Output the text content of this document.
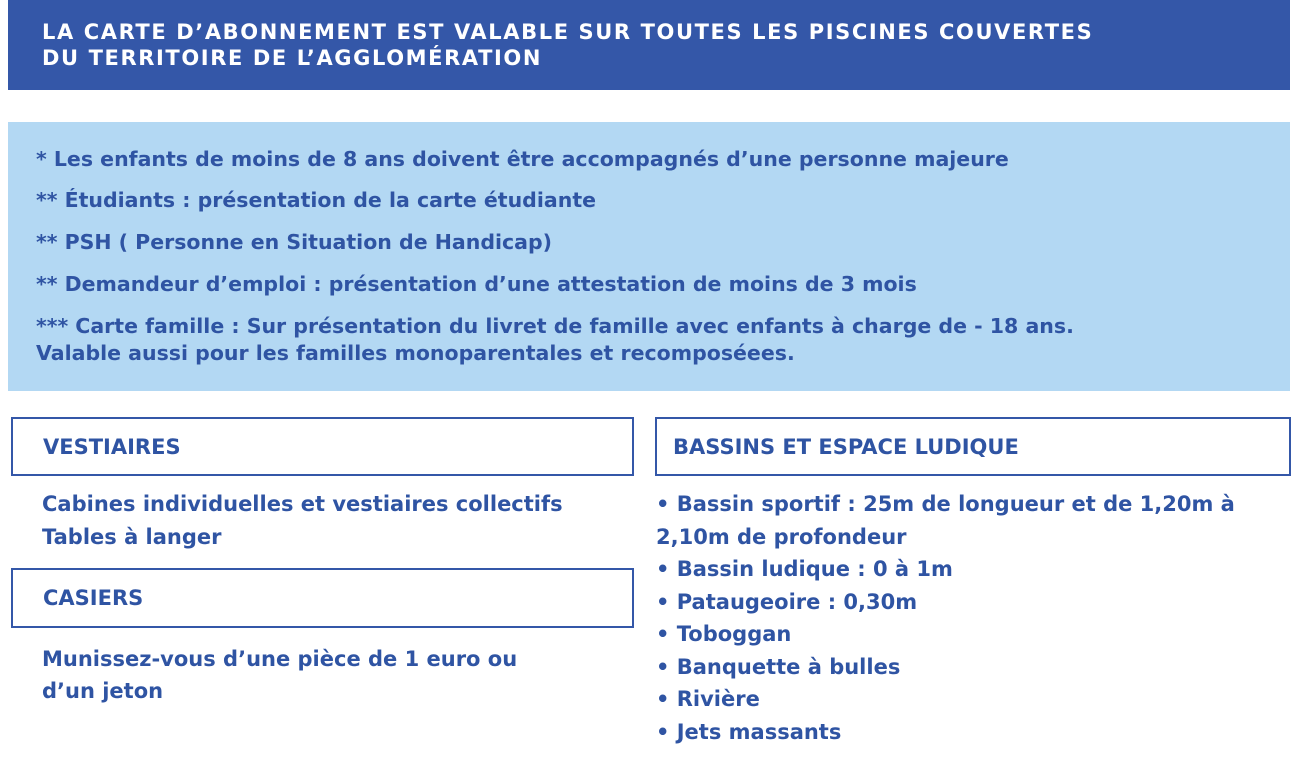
LA CARTE D’ABONNEMENT EST VALABLE SUR TOUTES LES PISCINES COUVERTES
DU TERRITOIRE DE L’AGGLOMÉRATION
* Les enfants de moins de 8 ans doivent être accompagnés d’une personne majeure
** Étudiants : présentation de la carte étudiante
** PSH ( Personne en Situation de Handicap)
** Demandeur d’emploi : présentation d’une attestation de moins de 3 mois
*** Carte famille : Sur présentation du livret de famille avec enfants à charge de - 18 ans.
Valable aussi pour les familles monoparentales et recomposéees.
VESTIAIRES
Cabines individuelles et vestiaires collectifs
Tables à langer
CASIERS
Munissez-vous d’une pièce de 1 euro ou
d’un jeton
BASSINS ET ESPACE LUDIQUE
• Bassin sportif : 25m de longueur et de 1,20m à
2,10m de profondeur
• Bassin ludique : 0 à 1m
• Pataugeoire : 0,30m
• Toboggan
• Banquette à bulles
• Rivière
• Jets massants
